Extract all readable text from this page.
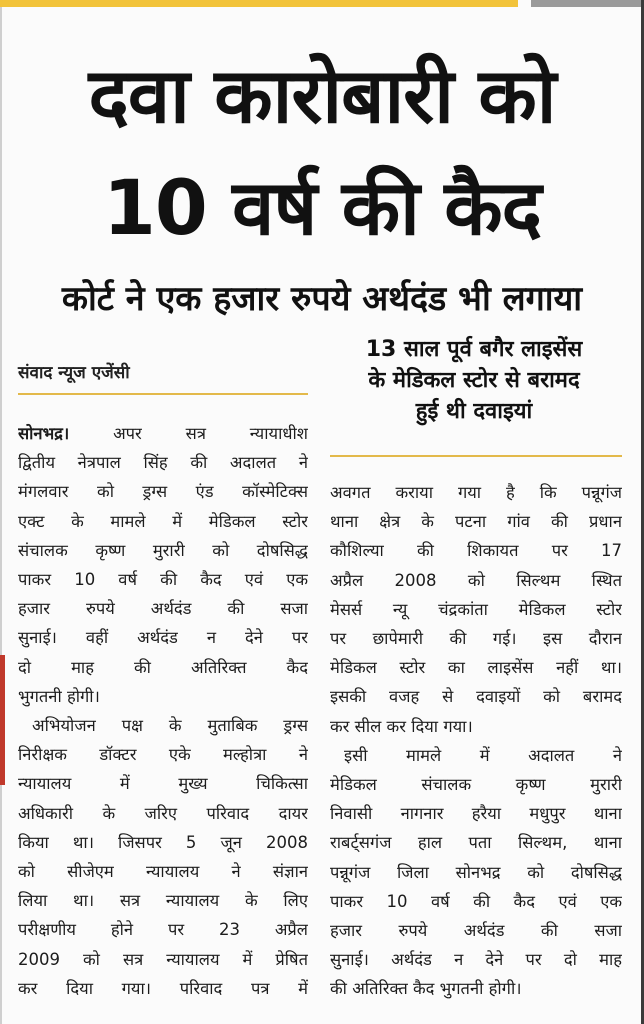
दवा कारोबारी को
10 वर्ष की कैद
कोर्ट ने एक हजार रुपये अर्थदंड भी लगाया
संवाद न्यूज एजेंसी
13 साल पूर्व बगैर लाइसेंस
के मेडिकल स्टोर से बरामद
हुई थी दवाइयां
सोनभद्र।	अपर सत्र न्यायाधीश
द्वितीय नेत्रपाल सिंह की अदालत ने
मंगलवार को ड्रग्स एंड कॉस्मेटिक्स
एक्ट के मामले में मेडिकल स्टोर
संचालक कृष्ण मुरारी को दोषसिद्ध
पाकर 10 वर्ष की कैद एवं एक
हजार रुपये अर्थदंड की सजा
सुनाई। वहीं अर्थदंड न देने पर
दो माह की अतिरिक्त कैद
भुगतनी होगी।
अभियोजन पक्ष के मुताबिक ड्रग्स
निरीक्षक डॉक्टर एके मल्होत्रा ने
न्यायालय में मुख्य चिकित्सा
अधिकारी के जरिए परिवाद दायर
किया था। जिसपर 5 जून 2008
को सीजेएम न्यायालय ने संज्ञान
लिया था। सत्र न्यायालय के लिए
परीक्षणीय होने पर 23 अप्रैल
2009 को सत्र न्यायालय में प्रेषित
कर दिया गया। परिवाद पत्र में
अवगत कराया गया है कि पन्नूगंज
थाना क्षेत्र के पटना गांव की प्रधान
कौशिल्या की शिकायत पर 17
अप्रैल 2008 को सिल्थम स्थित
मेसर्स न्यू चंद्रकांता मेडिकल स्टोर
पर छापेमारी की गई। इस दौरान
मेडिकल स्टोर का लाइसेंस नहीं था।
इसकी वजह से दवाइयों को बरामद
कर सील कर दिया गया।
इसी मामले में अदालत ने
मेडिकल संचालक कृष्ण मुरारी
निवासी नागनार हरैया मधुपुर थाना
राबर्ट्सगंज हाल पता सिल्थम, थाना
पन्नूगंज जिला सोनभद्र को दोषसिद्ध
पाकर 10 वर्ष की कैद एवं एक
हजार रुपये अर्थदंड की सजा
सुनाई। अर्थदंड न देने पर दो माह
की अतिरिक्त कैद भुगतनी होगी।
